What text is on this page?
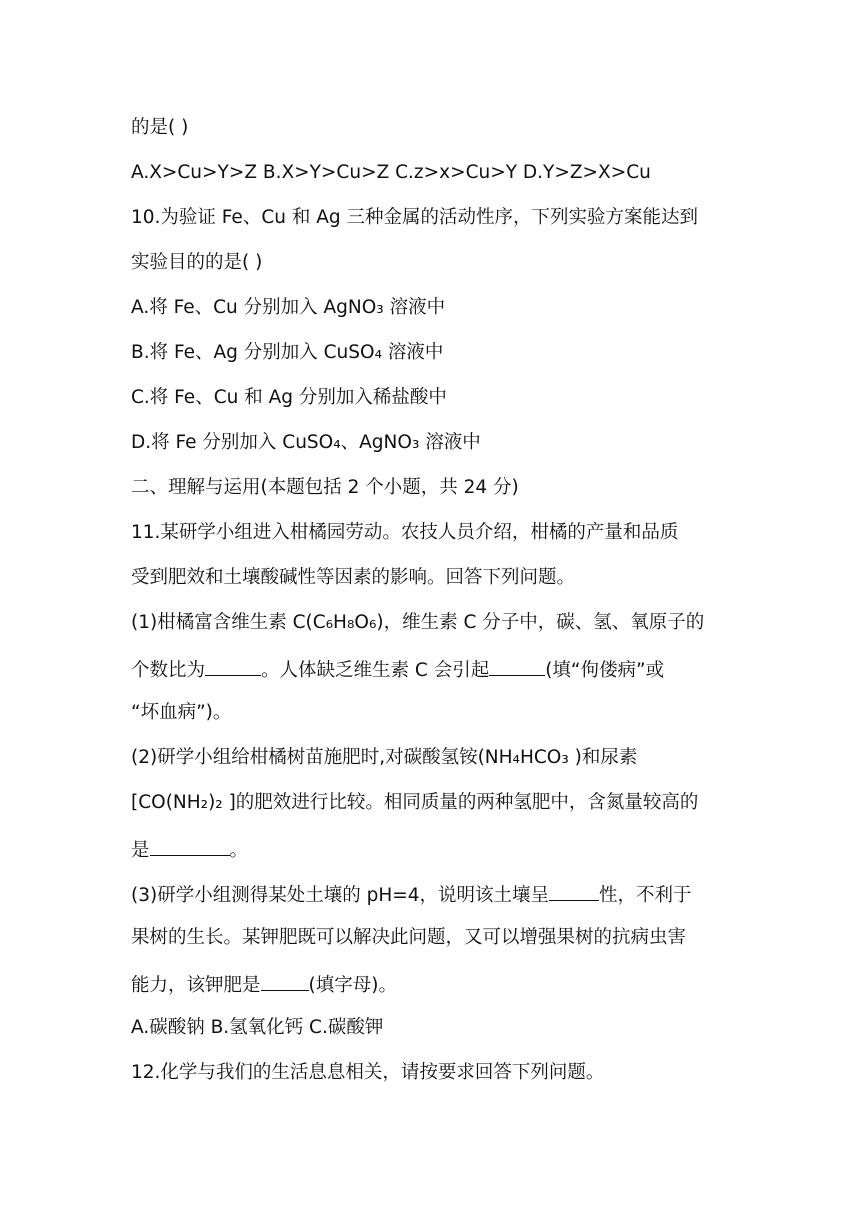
的是( )
A.X>Cu>Y>Z B.X>Y>Cu>Z C.z>x>Cu>Y D.Y>Z>X>Cu
10.为验证 Fe、Cu 和 Ag 三种金属的活动性序，下列实验方案能达到
实验目的的是( )
A.将 Fe、Cu 分别加入 AgNO₃ 溶液中
B.将 Fe、Ag 分别加入 CuSO₄ 溶液中
C.将 Fe、Cu 和 Ag 分别加入稀盐酸中
D.将 Fe 分别加入 CuSO₄、AgNO₃ 溶液中
二、理解与运用(本题包括 2 个小题，共 24 分)
11.某研学小组进入柑橘园劳动。农技人员介绍，柑橘的产量和品质
受到肥效和土壤酸碱性等因素的影响。回答下列问题。
(1)柑橘富含维生素 C(C₆H₈O₆)，维生素 C 分子中，碳、氢、氧原子的
个数比为	。人体缺乏维生素 C 会引起	(填“佝偻病”或
“坏血病”)。
(2)研学小组给柑橘树苗施肥时,对碳酸氢铵(NH₄HCO₃ )和尿素
[CO(NH₂)₂ ]的肥效进行比较。相同质量的两种氢肥中，含氮量较高的
是	。
(3)研学小组测得某处土壤的 pH=4，说明该土壤呈	性，不利于
果树的生长。某钾肥既可以解决此问题，又可以增强果树的抗病虫害
能力，该钾肥是	(填字母)。
A.碳酸钠 B.氢氧化钙 C.碳酸钾
12.化学与我们的生活息息相关，请按要求回答下列问题。
